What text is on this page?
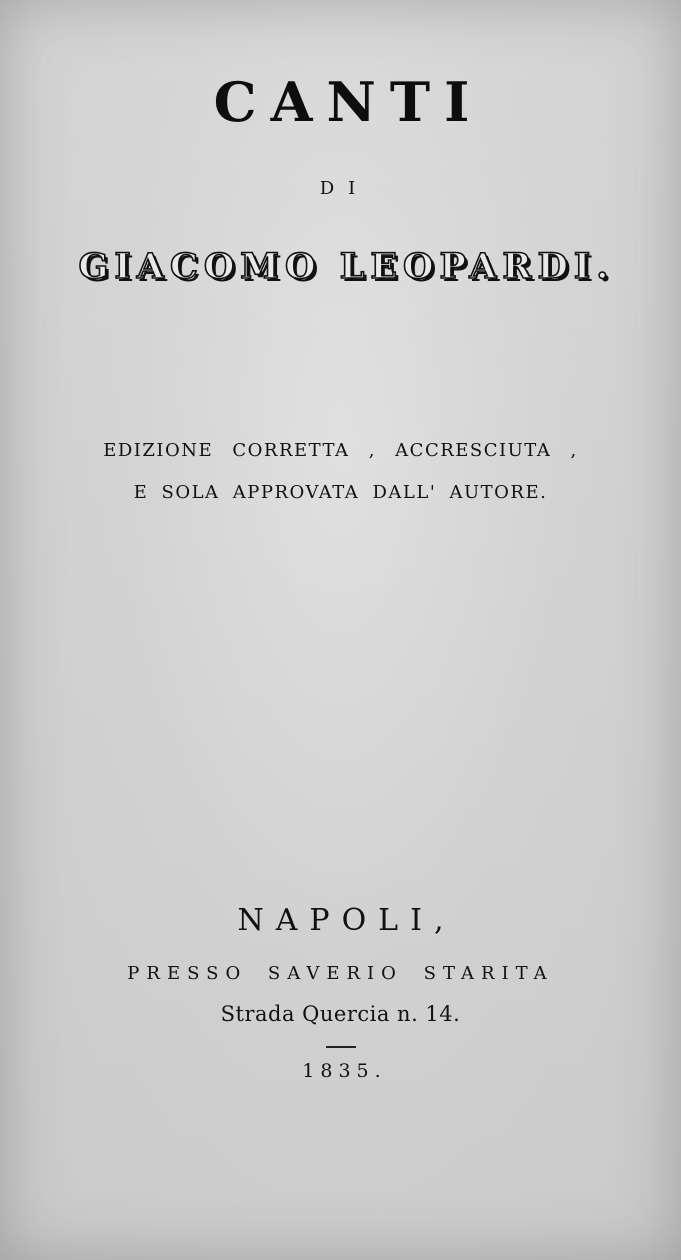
CANTI
DI
GIACOMO LEOPARDI.
EDIZIONE CORRETTA , ACCRESCIUTA ,
E SOLA APPROVATA DALL' AUTORE.
NAPOLI,
PRESSO SAVERIO STARITA
Strada Quercia n. 14.
1835.
